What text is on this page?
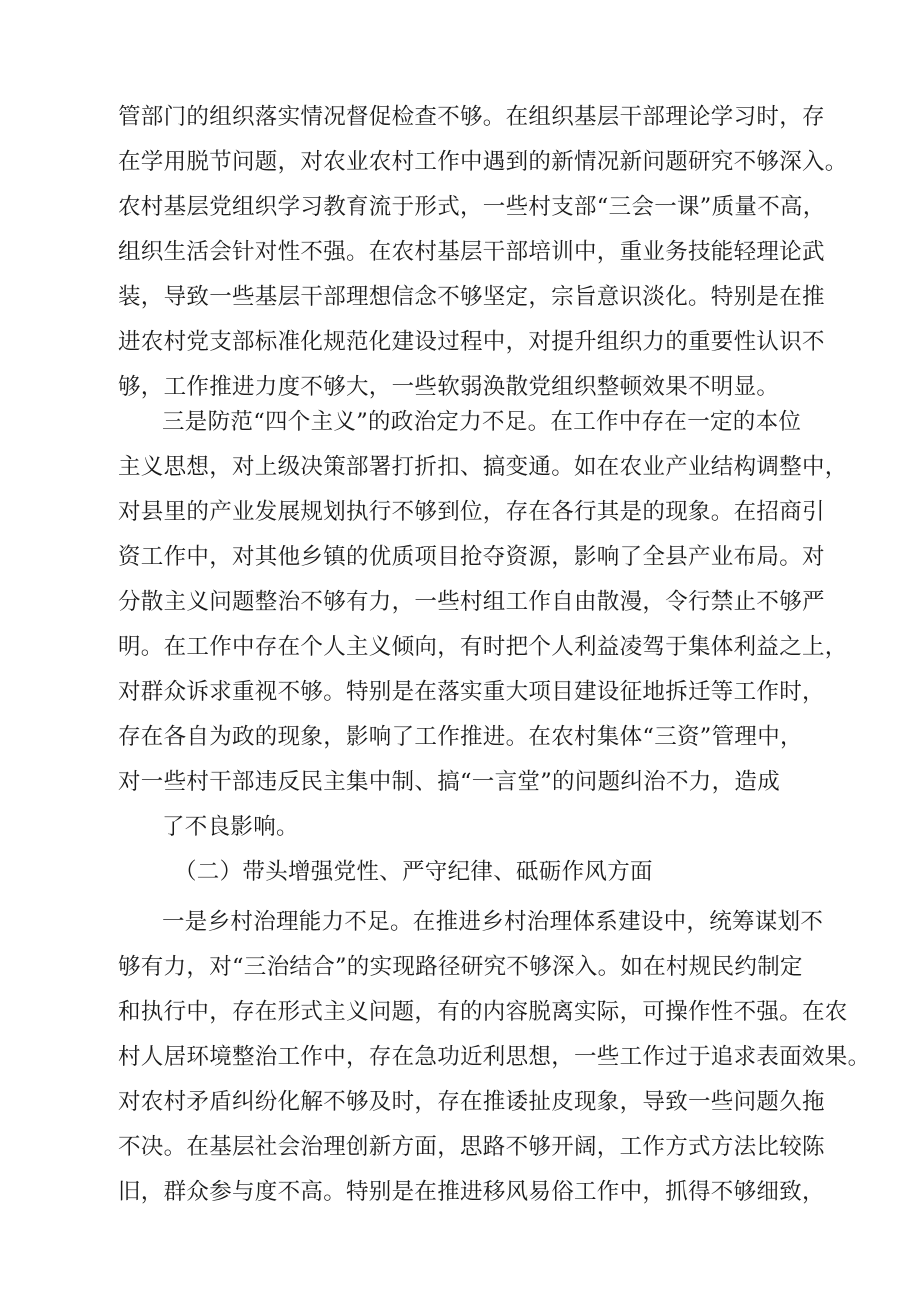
管部门的组织落实情况督促检查不够。在组织基层干部理论学习时，存
在学用脱节问题，对农业农村工作中遇到的新情况新问题研究不够深入。
农村基层党组织学习教育流于形式，一些村支部“三会一课”质量不高，
组织生活会针对性不强。在农村基层干部培训中，重业务技能轻理论武
装，导致一些基层干部理想信念不够坚定，宗旨意识淡化。特别是在推
进农村党支部标准化规范化建设过程中，对提升组织力的重要性认识不
够，工作推进力度不够大，一些软弱涣散党组织整顿效果不明显。
三是防范“四个主义”的政治定力不足。在工作中存在一定的本位
主义思想，对上级决策部署打折扣、搞变通。如在农业产业结构调整中，
对县里的产业发展规划执行不够到位，存在各行其是的现象。在招商引
资工作中，对其他乡镇的优质项目抢夺资源，影响了全县产业布局。对
分散主义问题整治不够有力，一些村组工作自由散漫，令行禁止不够严
明。在工作中存在个人主义倾向，有时把个人利益凌驾于集体利益之上，
对群众诉求重视不够。特别是在落实重大项目建设征地拆迁等工作时，
存在各自为政的现象，影响了工作推进。在农村集体“三资”管理中，
对一些村干部违反民主集中制、搞“一言堂”的问题纠治不力，造成
了不良影响。
（二）带头增强党性、严守纪律、砥砺作风方面
一是乡村治理能力不足。在推进乡村治理体系建设中，统筹谋划不
够有力，对“三治结合”的实现路径研究不够深入。如在村规民约制定
和执行中，存在形式主义问题，有的内容脱离实际，可操作性不强。在农
村人居环境整治工作中，存在急功近利思想，一些工作过于追求表面效果。
对农村矛盾纠纷化解不够及时，存在推诿扯皮现象，导致一些问题久拖
不决。在基层社会治理创新方面，思路不够开阔，工作方式方法比较陈
旧，群众参与度不高。特别是在推进移风易俗工作中，抓得不够细致，
